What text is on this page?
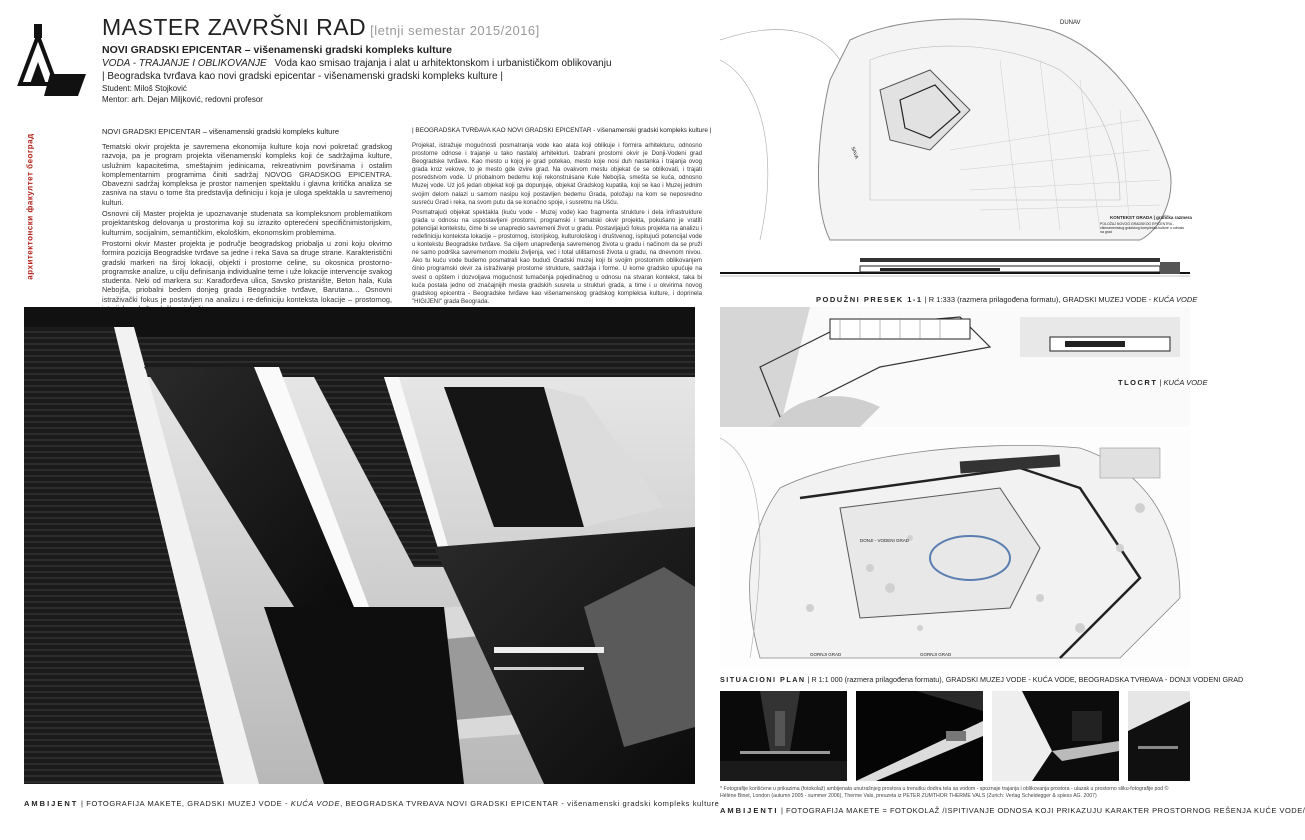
архитектонски факултет београд
MASTER ZAVRŠNI RAD [letnji semestar 2015/2016]
NOVI GRADSKI EPICENTAR – višenamenski gradski kompleks kulture
VODA - TRAJANJE I OBLIKOVANJE Voda kao smisao trajanja i alat u arhitektonskom i urbanističkom oblikovanju
| Beogradska tvrđava kao novi gradski epicentar - višenamenski gradski kompleks kulture |
Student: Miloš Stojković
Mentor: arh. Dejan Miljković, redovni profesor
NOVI GRADSKI EPICENTAR – višenamenski gradski kompleks kulture

Tematski okvir projekta je savremena ekonomija kulture koja novi pokretač gradskog razvoja, pa je program projekta višenamenski kompleks koji će sadržajima kulture, uslužnim kapacitetima, smeštajnim jedinicama, rekreativnim površinama i ostalim komplementarnim programima činiti sadržaj NOVOG GRADSKOG EPICENTRA. Obavezni sadržaj kompleksa je prostor namenjen spektaklu i glavna kritička analiza se zasniva na stavu o tome šta predstavlja definiciju i koja je uloga spektakla u savremenoj kulturi.

Osnovni cilj Master projekta je upoznavanje studenata sa kompleksnom problematikom projektantskog delovanja u prostorima koji su izrazito opterećeni specifičnimistorijskim, kulturnim, socijalnim, semantičkim, ekološkim, ekonomskim problemima.

Prostorni okvir Master projekta je područje beogradskog priobalja u zoni koju okvirno formira pozicija Beogradske tvrđave sa jedne i reka Sava sa druge strane. Karakteristični gradski markeri na široj lokaciji, objekti i prostorne celine, su okosnica prostorno-programske analize, u cilju definisanja individualne teme i uže lokacije intervencije svakog studenta. Neki od markera su: Karađorđeva ulica, Savsko pristanište, Beton hala, Kula Nebojša, priobalni bedem donjeg grada Beogradske tvrđave, Barutana… Osnovni istraživački fokus je postavljen na analizu i re-definiciju konteksta lokacije – prostornog,

| BEOGRADSKA TVRĐAVA KAO NOVI GRADSKI EPICENTAR - višenamenski gradski kompleks kulture |

Projekat, istražuje mogućnosti posmatranja vode kao alata koji oblikuje i formira arhitekturu, odnosno prostorne odnose i trajanje u tako nastaloj arhitekturi. Izabrani prostorni okvir je Donji-Vodeni grad Beogradske tvrđave. Kao mesto u kojoj je grad potekao, mesto koje nosi duh nastanka i trajanja ovog grada kroz vekove, to je mesto gde izvire grad. Na ovakvom mestu objekat će se oblikovati, i trajati posredstvom vode. U priobalnom bedemu koji rekonstruisane Kule Nebojša, smešta se kuća, odnosno Muzej vode. Uz još jedan objekat koji ga dopunjuje, objekat Gradskog kupatila, koji se kao i Muzej jednim svojim delom nalazi u samom nasipu koji postavljen bedemu Grada, položaju na kom se neposredno susreću Grad i reka, na svom putu da se konačno spoje, i susretnu na Ušću.

Posmatrajući objekat spektakla (kuću vode - Muzej vode) kao fragmenta strukture i dela infrastrukture grada u odnosu na uspostavljeni prostorni, programski i tematski okvir projekta, pokušano je vratiti potencijal kontekstu, čime bi se unapredio savremeni život u gradu. Postavljajući fokus projekta na analizu i redefiniciju konteksta lokacije – prostornog, istorijskog, kulturološkog i društvenog, ispitujući potencijal vode u kontekstu Beogradske tvrđave. Sa ciljem unapređenja savremenog života u gradu i načinom da se pruži ne samo podrška savremenom modelu življenja, već i total utilitarnosti života u gradu, na dnevnom nivou. Ako tu kuću vode budemo posmatrali kao budući Gradski muzej koji bi svojim prostornim oblikovanjem činio programski okvir za istraživanje prostorne strukture, sadržaja i forme. U korne gradsko upućuje na svest o opštem i dozvoljava mogućnost tumačenja pojedinačnog u odnosu na stvaran kontekst, taka bi kuća postala jedno od značajnijih mesta gradskih susreta u strukturi grada, a time i u okvirima novog gradskog epicentra - Beogradske tvrđave kao višenamenskog gradskog kompleksa kulture, i doprinela "HIGIJENI" grada Beograda.

AMBIJENT | FOTOGRAFIJA MAKETE, GRADSKI MUZEJ VODE - KUĆA VODE, BEOGRADSKA TVRĐAVA NOVI GRADSKI EPICENTAR - višenamenski gradski kompleks kulture
DUNAV
SAVA
KONTEKST GRADA | grafička razmera
POLOŽAJ NOVOG GRADSKOG EPICENTRA - višenamenskog gradskog kompleksa kulture u odnosu na grad
PODUŽNI PRESEK 1-1 | R 1:333 (razmera prilagođena formatu), GRADSKI MUZEJ VODE - KUĆA VODE
TLOCRT | KUĆA VODE
DONJI - VODENI GRAD
GORNJI GRAD
GORNJI GRAD
SITUACIONI PLAN | R 1:1 000 (razmera prilagođena formatu), GRADSKI MUZEJ VODE - KUĆA VODE, BEOGRADSKA TVRĐAVA - DONJI VODENI GRAD
* Fotografije korišćene u prikazima (fotokolaž) ambijenata unutrašnjeg prostora u trenutku dodira tela sa vodom - spoznaje trajanja i oblikovanja prostora - ulazak u prostorno sliku-fotografije pod © Hélène Binet, London (autumn 2005 - summer 2006), Therme Vals, preuzeta iz PETER ZUMTHOR THERME VALS (Zurich: Verlag Scheidegger & spiess AG. 2007)
AMBIJENTI | FOTOGRAFIJA MAKETE = FOTOKOLAŽ /ISPITIVANJE ODNOSA KOJI PRIKAZUJU KARAKTER PROSTORNOG REŠENJA KUĆE VODE/
